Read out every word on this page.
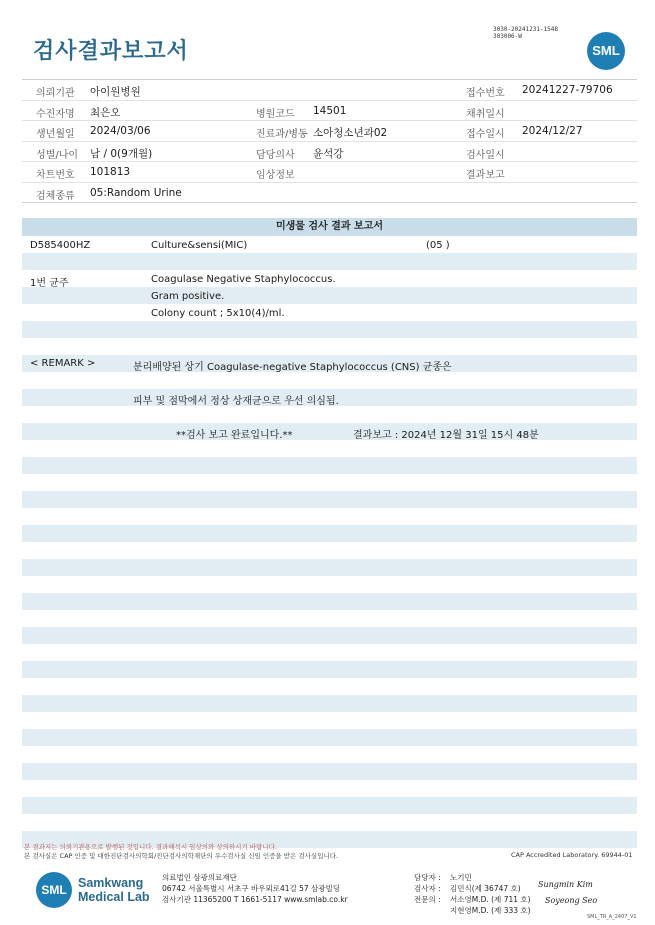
검사결과보고서
3030-20241231-1548
303006-W
SML
의뢰기관 아이원병원	접수번호 20241227-79706
수진자명 최은오	병원코드 14501	채취일시
생년월일 2024/03/06	진료과/병동 소아청소년과02	접수일시 2024/12/27
성별/나이 남 / 0(9개월)	담당의사 윤석강	검사일시
차트번호 101813	임상정보	결과보고
검체종류 05:Random Urine
미생물 검사 결과 보고서
D585400HZ	Culture&sensi(MIC)	(05 )
1번 균주	Coagulase Negative Staphylococcus.
Gram positive.
Colony count ; 5x10(4)/ml.
< REMARK >	분리배양된 상기 Coagulase-negative Staphylococcus (CNS) 균종은
피부 및 점막에서 정상 상재균으로 우선 의심됨.
**검사 보고 완료입니다.**	결과보고 : 2024년 12월 31일 15시 48분
본 결과지는 의뢰기관용으로 발행된 것입니다. 결과해석시 임상의와 상의하시기 바랍니다.
본 검사실은 CAP 인증 및 대한진단검사의학회/진단검사의학재단의 우수검사실 신임 인증을 받은 검사실입니다.	CAP Accredited Laboratory. 69944-01
SML Samkwang
Medical Lab
의료법인 삼광의료재단
06742 서울특별시 서초구 바우뫼로41길 57 삼광빌딩
검사기관 11365200 T 1661-5117 www.smlab.co.kr
담당자 : 노기민
검사자 : 김민식(제 36747 호) Sungmin Kim
전문의 : 서소영M.D. (제 711 호)
지현영M.D. (제 333 호)
Soyeong Seo
SML_TR_A_2407_V1
